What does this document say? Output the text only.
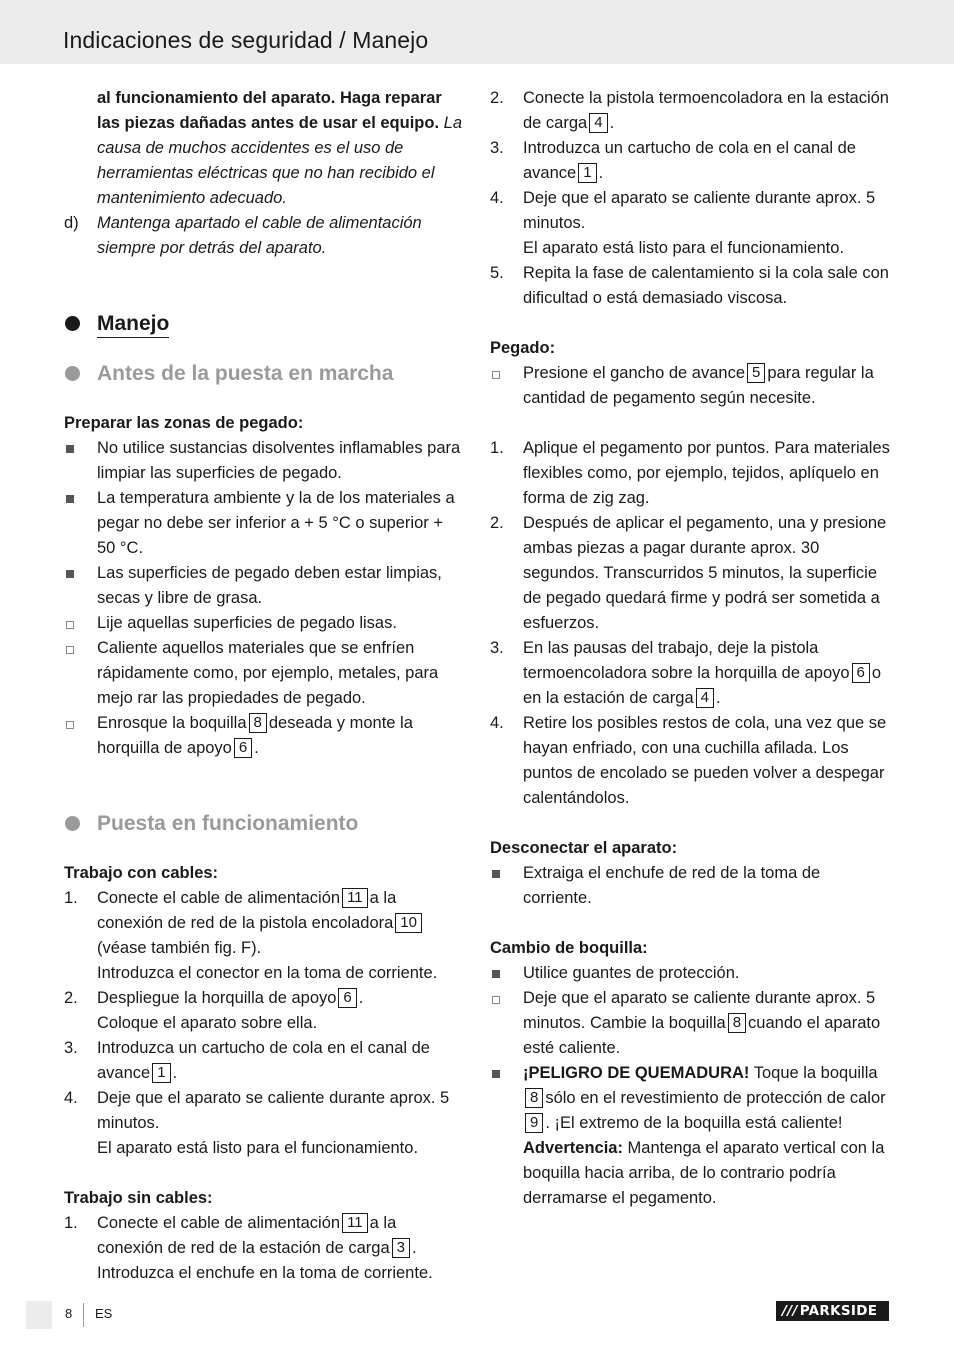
Indicaciones de seguridad / Manejo
al funcionamiento del aparato. Haga reparar las piezas dañadas antes de usar el equipo. La causa de muchos accidentes es el uso de herramientas eléctricas que no han recibido el mantenimiento adecuado.
d)	Mantenga apartado el cable de alimentación siempre por detrás del aparato.
Manejo
Antes de la puesta en marcha
Preparar las zonas de pegado:
No utilice sustancias disolventes inflamables para limpiar las superficies de pegado.
La temperatura ambiente y la de los materiales a pegar no debe ser inferior a + 5 °C o superior + 50 °C.
Las superficies de pegado deben estar limpias, secas y libre de grasa.
Lije aquellas superficies de pegado lisas.
Caliente aquellos materiales que se enfríen rápidamente como, por ejemplo, metales, para mejo rar las propiedades de pegado.
Enrosque la boquilla 8 deseada y monte la horquilla de apoyo 6 .
Puesta en funcionamiento
Trabajo con cables:
1.	Conecte el cable de alimentación 11 a la conexión de red de la pistola encoladora 10 (véase también fig. F).
Introduzca el conector en la toma de corriente.
2.	Despliegue la horquilla de apoyo 6 .
Coloque el aparato sobre ella.
3.	Introduzca un cartucho de cola en el canal de avance 1 .
4.	Deje que el aparato se caliente durante aprox. 5 minutos.
El aparato está listo para el funcionamiento.
Trabajo sin cables:
1.	Conecte el cable de alimentación 11 a la conexión de red de la estación de carga 3 .
Introduzca el enchufe en la toma de corriente.
2.	Conecte la pistola termoencoladora en la estación de carga 4 .
3.	Introduzca un cartucho de cola en el canal de avance 1 .
4.	Deje que el aparato se caliente durante aprox. 5 minutos.
El aparato está listo para el funcionamiento.
5.	Repita la fase de calentamiento si la cola sale con dificultad o está demasiado viscosa.
Pegado:
Presione el gancho de avance 5 para regular la cantidad de pegamento según necesite.
1.	Aplique el pegamento por puntos. Para materiales flexibles como, por ejemplo, tejidos, aplíquelo en forma de zig zag.
2.	Después de aplicar el pegamento, una y presione ambas piezas a pagar durante aprox. 30 segundos. Transcurridos 5 minutos, la superficie de pegado quedará firme y podrá ser sometida a esfuerzos.
3.	En las pausas del trabajo, deje la pistola termoencoladora sobre la horquilla de apoyo 6 o en la estación de carga 4 .
4.	Retire los posibles restos de cola, una vez que se hayan enfriado, con una cuchilla afilada. Los puntos de encolado se pueden volver a despegar calentándolos.
Desconectar el aparato:
Extraiga el enchufe de red de la toma de corriente.
Cambio de boquilla:
Utilice guantes de protección.
Deje que el aparato se caliente durante aprox. 5 minutos. Cambie la boquilla 8 cuando el aparato esté caliente.
¡PELIGRO DE QUEMADURA! Toque la boquilla8 sólo en el revestimiento de protección de calor9 . ¡El extremo de la boquilla está caliente!
Advertencia: Mantenga el aparato vertical con la boquilla hacia arriba, de lo contrario podría derramarse el pegamento.
8 ES	/// PARKSIDE
